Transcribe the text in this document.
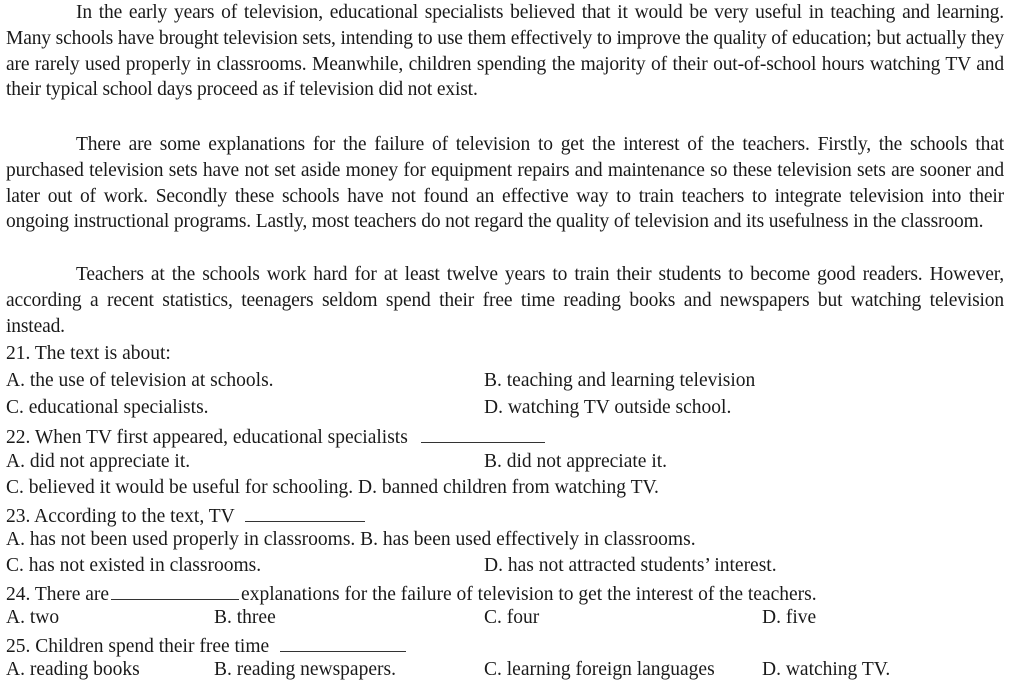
In the early years of television, educational specialists believed that it would be very useful in teaching and learning. Many schools have brought television sets, intending to use them effectively to improve the quality of education; but actually they are rarely used properly in classrooms. Meanwhile, children spending the majority of their out-of-school hours watching TV and their typical school days proceed as if television did not exist.

There are some explanations for the failure of television to get the interest of the teachers. Firstly, the schools that purchased television sets have not set aside money for equipment repairs and maintenance so these television sets are sooner and later out of work. Secondly these schools have not found an effective way to train teachers to integrate television into their ongoing instructional programs. Lastly, most teachers do not regard the quality of television and its usefulness in the classroom.

Teachers at the schools work hard for at least twelve years to train their students to become good readers. However, according a recent statistics, teenagers seldom spend their free time reading books and newspapers but watching television instead.

21. The text is about:
A. the use of television at schools.	B. teaching and learning television
C. educational specialists.	D. watching TV outside school.
22. When TV first appeared, educational specialists
A. did not appreciate it.	B. did not appreciate it.
C. believed it would be useful for schooling. D. banned children from watching TV.
23. According to the text, TV
A. has not been used properly in classrooms. B. has been used effectively in classrooms.
C. has not existed in classrooms.	D. has not attracted students’ interest.
24. There are	explanations for the failure of television to get the interest of the teachers.
A. two	B. three	C. four	D. five
25. Children spend their free time
A. reading books	B. reading newspapers.	C. learning foreign languages D. watching TV.
